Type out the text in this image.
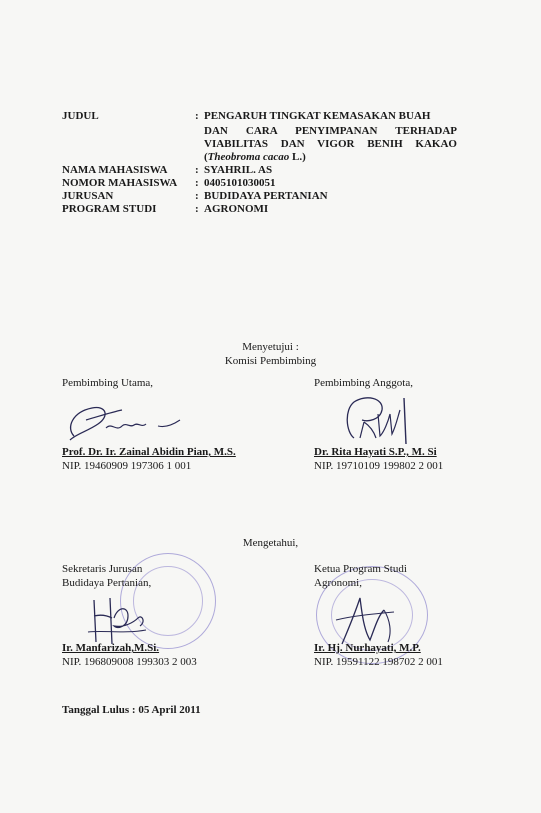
JUDUL	: PENGARUH TINGKAT KEMASAKAN BUAH
DAN CARA PENYIMPANAN TERHADAP
VIABILITAS DAN VIGOR BENIH KAKAO
(Theobroma cacao L.)
NAMA MAHASISWA	: SYAHRIL. AS
NOMOR MAHASISWA : 0405101030051
JURUSAN	: BUDIDAYA PERTANIAN
PROGRAM STUDI	: AGRONOMI
Menyetujui :
Komisi Pembimbing
Pembimbing Utama,
Prof. Dr. Ir. Zainal Abidin Pian, M.S.
NIP. 19460909 197306 1 001
Pembimbing Anggota,
Dr. Rita Hayati S.P., M. Si
NIP. 19710109 199802 2 001
Mengetahui,
Sekretaris Jurusan
Budidaya Pertanian,
Ir. Manfarizah,M.Si.
NIP. 196809008 199303 2 003
Ketua Program Studi
Agronomi,
Ir. Hj. Nurhayati, M.P.
NIP. 19591122 198702 2 001
Tanggal Lulus : 05 April 2011
